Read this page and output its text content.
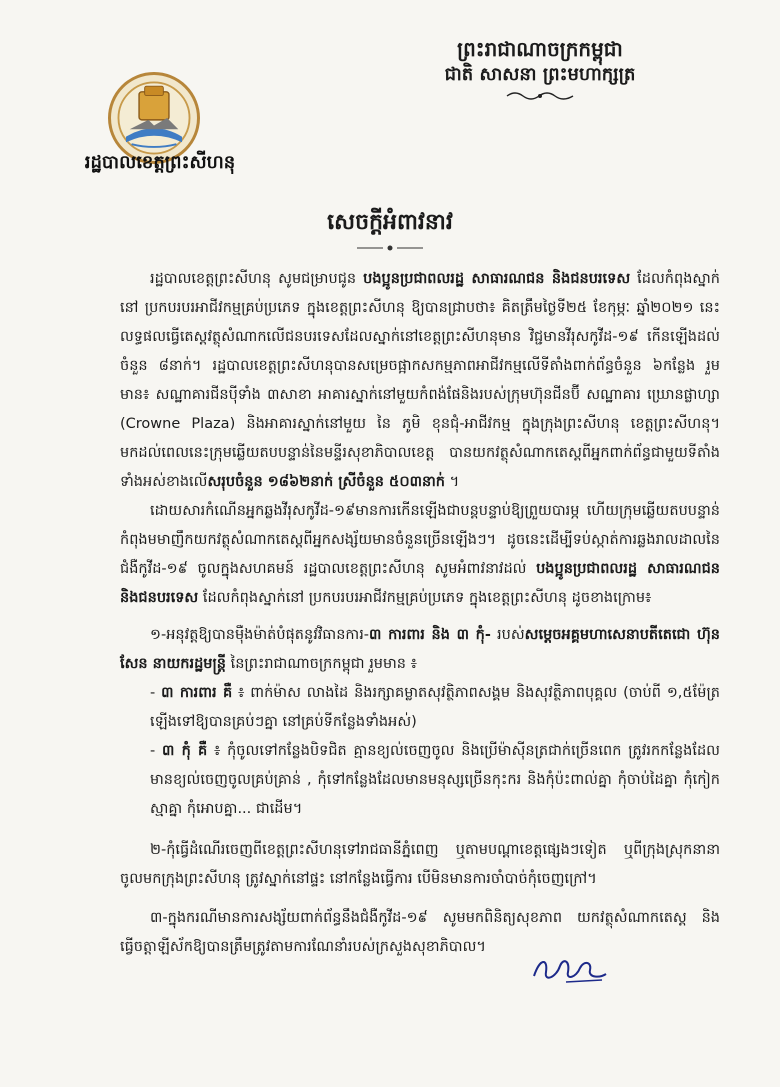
រដ្ឋបាលខេត្តព្រះសីហនុ
ព្រះរាជាណាចក្រកម្ពុជា
ជាតិ សាសនា ព្រះមហាក្សត្រ
សេចក្តីអំពាវនាវ

រដ្ឋបាលខេត្តព្រះសីហនុ សូមជម្រាបជូន បងប្អូនប្រជាពលរដ្ឋ សាធារណជន និងជនបរទេស ដែលកំពុងស្នាក់នៅ ប្រកបរបរអាជីវកម្មគ្រប់ប្រភេទ ក្នុងខេត្តព្រះសីហនុ ឱ្យបានជ្រាបថា៖ គិតត្រឹមថ្ងៃទី២៥ ខែកុម្ភៈ ឆ្នាំ២០២១ នេះ លទ្ធផលធ្វើតេស្តវត្ថុសំណាកលើជនបរទេសដែលស្នាក់នៅខេត្តព្រះសីហនុមាន វិជ្ជមានវីរុសកូវីដ-១៩ កើនឡើងដល់ចំនួន ៨នាក់។ រដ្ឋបាលខេត្តព្រះសីហនុបានសម្រេចផ្អាកសកម្មភាពអាជីវកម្មលើទីតាំងពាក់ព័ន្ធចំនួន ៦កន្លែង រួមមាន៖ សណ្ឋាគារជីនបុីទាំង ៣សាខា អាគារស្នាក់នៅមួយកំពង់ផែនិងរបស់ក្រុមហ៊ុនជីនប៊ី សណ្ឋាគារ ឃ្រោនផ្លាហ្សា (Crowne Plaza) និងអាគារស្នាក់នៅមួយ នៃ ភូមិ ខុនជុំ-អាជីវកម្ម ក្នុងក្រុងព្រះសីហនុ ខេត្តព្រះសីហនុ។ មកដល់ពេលនេះក្រុមឆ្លើយតបបន្ទាន់នៃមន្ទីរសុខាភិបាលខេត្ត បានយកវត្ថុសំណាកតេស្តពីអ្នកពាក់ព័ន្ធជាមួយទីតាំងទាំងអស់ខាងលើសរុបចំនួន ១៨៦២នាក់ ស្រីចំនួន ៥០៣នាក់ ។

ដោយសារកំណើនអ្នកឆ្លងវីរុសកូវីដ-១៩មានការកើនឡើងជាបន្តបន្ទាប់ឱ្យព្រួយបារម្ភ ហើយក្រុមឆ្លើយតបបន្ទាន់កំពុងមមាញឹកយកវត្ថុសំណាកតេស្តពីអ្នកសង្ស័យមានចំនួនច្រើនឡើងៗ។ ដូចនេះដើម្បីទប់ស្កាត់ការឆ្លងរាលដាលនៃជំងឺកូវីដ-១៩ ចូលក្នុងសហគមន៍ រដ្ឋបាលខេត្តព្រះសីហនុ សូមអំពាវនាវដល់ បងប្អូនប្រជាពលរដ្ឋ សាធារណជន និងជនបរទេស ដែលកំពុងស្នាក់នៅ ប្រកបរបរអាជីវកម្មគ្រប់ប្រភេទ ក្នុងខេត្តព្រះសីហនុ ដូចខាងក្រោម៖

១-អនុវត្តឱ្យបានម៉ឺងម៉ាត់បំផុតនូវវិធានការ-៣ ការពារ និង ៣ កុំ- របស់សម្តេចអគ្គមហាសេនាបតីតេជោ ហ៊ុន សែន នាយករដ្ឋមន្ត្រី នៃព្រះរាជាណាចក្រកម្ពុជា រួមមាន ៖

- ៣ ការពារ គឺ ៖ ពាក់ម៉ាស លាងដៃ និងរក្សាគម្លាតសុវត្ថិភាពសង្គម និងសុវត្ថិភាពបុគ្គល (ចាប់ពី ១,៥ម៉ែត្រឡើងទៅឱ្យបានគ្រប់ៗគ្នា នៅគ្រប់ទីកន្លែងទាំងអស់)

- ៣ កុំ គឺ ៖ កុំចូលទៅកន្លែងបិទជិត គ្មានខ្យល់ចេញចូល និងប្រើម៉ាស៊ីនត្រជាក់ច្រើនពេក ត្រូវរកកន្លែងដែលមានខ្យល់ចេញចូលគ្រប់គ្រាន់ , កុំទៅកន្លែងដែលមានមនុស្សច្រើនកុះករ និងកុំប៉ះពាល់គ្នា កុំចាប់ដៃគ្នា កុំកៀកស្មាគ្នា កុំអោបគ្នា... ជាដើម។

២-កុំធ្វើដំណើរចេញពីខេត្តព្រះសីហនុទៅរាជធានីភ្នំពេញ ឬតាមបណ្តាខេត្តផ្សេងៗទៀត ឬពីក្រុងស្រុកនានាចូលមកក្រុងព្រះសីហនុ ត្រូវស្នាក់នៅផ្ទះ នៅកន្លែងធ្វើការ បើមិនមានការចាំបាច់កុំចេញក្រៅ។

៣-ក្នុងករណីមានការសង្ស័យពាក់ព័ន្ធនឹងជំងឺកូវីដ-១៩ សូមមកពិនិត្យសុខភាព យកវត្ថុសំណាកតេស្ត និងធ្វើចត្តាឡីស័កឱ្យបានត្រឹមត្រូវតាមការណែនាំរបស់ក្រសួងសុខាភិបាល។
